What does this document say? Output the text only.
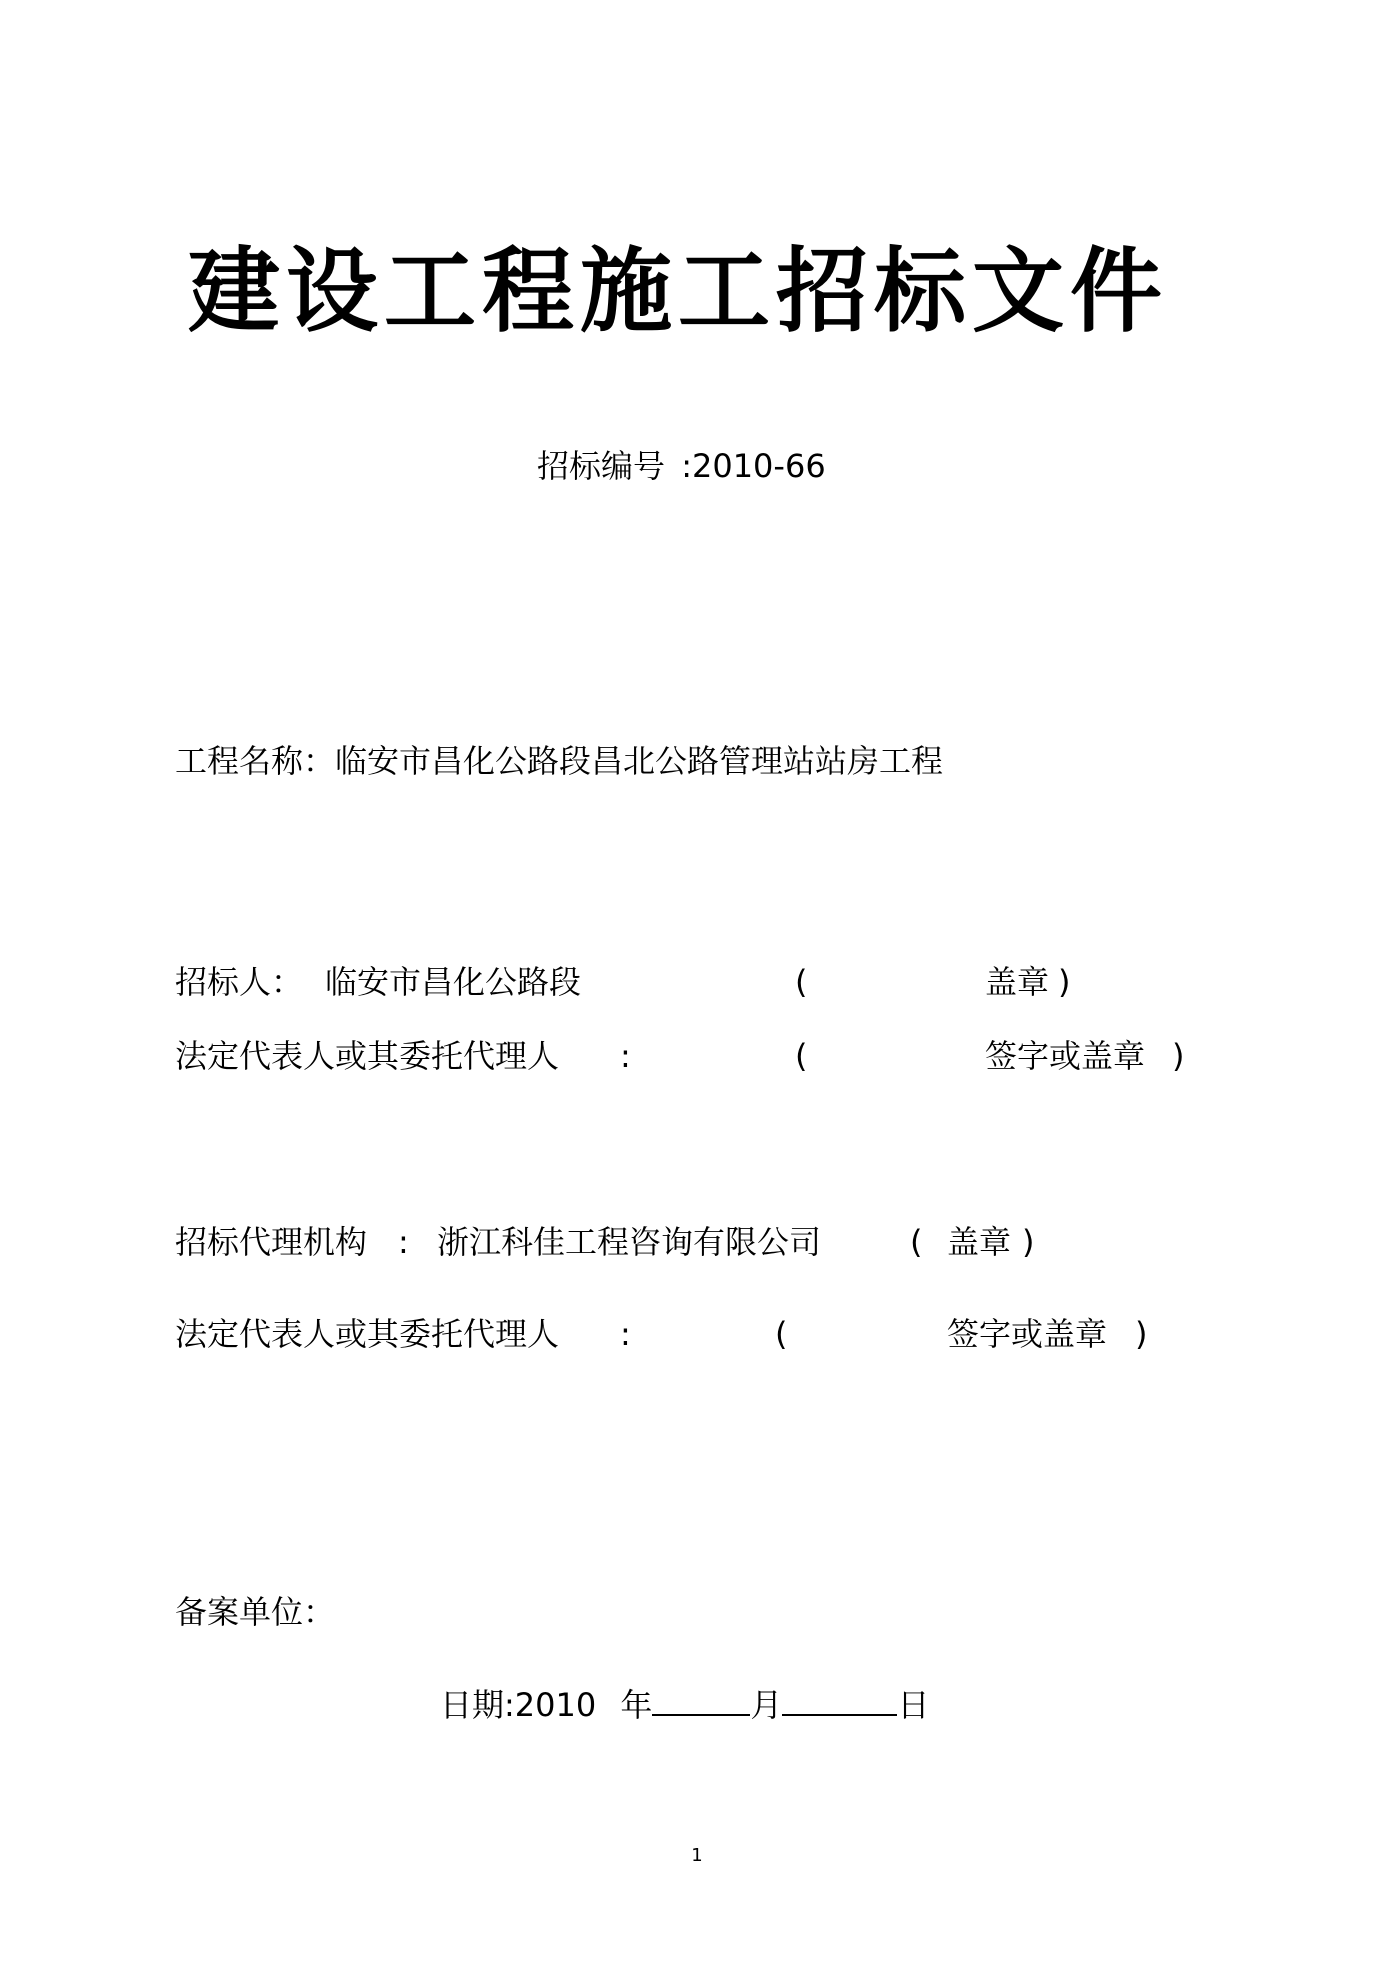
建设工程施工招标文件
招标编号 :2010-66
工程名称：临安市昌化公路段昌北公路管理站站房工程
招标人： 临安市昌化公路段	(	盖章 )
法定代表人或其委托代理人 :	(	签字或盖章 )
招标代理机构 : 浙江科佳工程咨询有限公司	( 盖章 )
法定代表人或其委托代理人 :	(	签字或盖章 )
备案单位：
日期:2010 年	月	日
1
